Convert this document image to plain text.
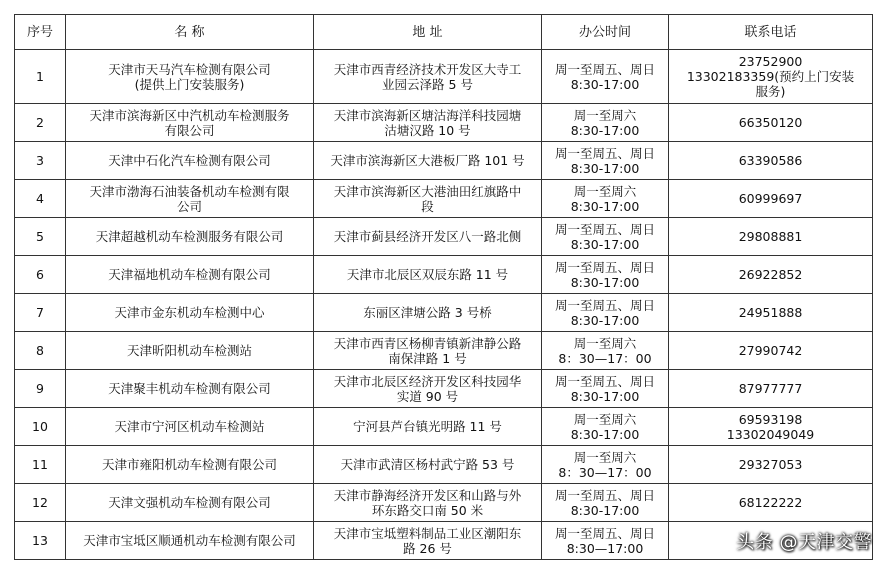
序号	名 称	地 址	办公时间	联系电话
1	天津市天马汽车检测有限公司
(提供上门安装服务)	天津市西青经济技术开发区大寺工
业园云泽路 5 号	周一至周五、周日
8:30-17:00	23752900
13302183359(预约上门安装
服务)

2	天津市滨海新区中汽机动车检测服务
有限公司	天津市滨海新区塘沽海洋科技园塘
沽塘汉路 10 号	周一至周六
8:30-17:00	66350120

3	天津中石化汽车检测有限公司	天津市滨海新区大港板厂路 101 号	周一至周五、周日
8:30-17:00	63390586

4	天津市渤海石油装备机动车检测有限
公司	天津市滨海新区大港油田红旗路中
段	周一至周六
8:30-17:00	60999697

5	天津超越机动车检测服务有限公司	天津市蓟县经济开发区八一路北侧	周一至周五、周日
8:30-17:00	29808881

6	天津福地机动车检测有限公司	天津市北辰区双辰东路 11 号	周一至周五、周日
8:30-17:00	26922852

7	天津市金东机动车检测中心	东丽区津塘公路 3 号桥	周一至周五、周日
8:30-17:00	24951888

8	天津昕阳机动车检测站	天津市西青区杨柳青镇新津静公路
南保津路 1 号	周一至周六
8：30—17：00	27990742

9	天津聚丰机动车检测有限公司	天津市北辰区经济开发区科技园华
实道 90 号	周一至周五、周日
8:30-17:00	87977777

10	天津市宁河区机动车检测站	宁河县芦台镇光明路 11 号	周一至周六
8:30-17:00	69593198
13302049049

11	天津市雍阳机动车检测有限公司	天津市武清区杨村武宁路 53 号	周一至周六
8：30—17：00	29327053

12	天津文强机动车检测有限公司	天津市静海经济开发区和山路与外
环东路交口南 50 米	周一至周五、周日
8:30-17:00	68122222

13	天津市宝坻区顺通机动车检测有限公司	天津市宝坻塑料制品工业区潮阳东
路 26 号	周一至周五、周日
8:30—17:00	
		头条 @天津交警
